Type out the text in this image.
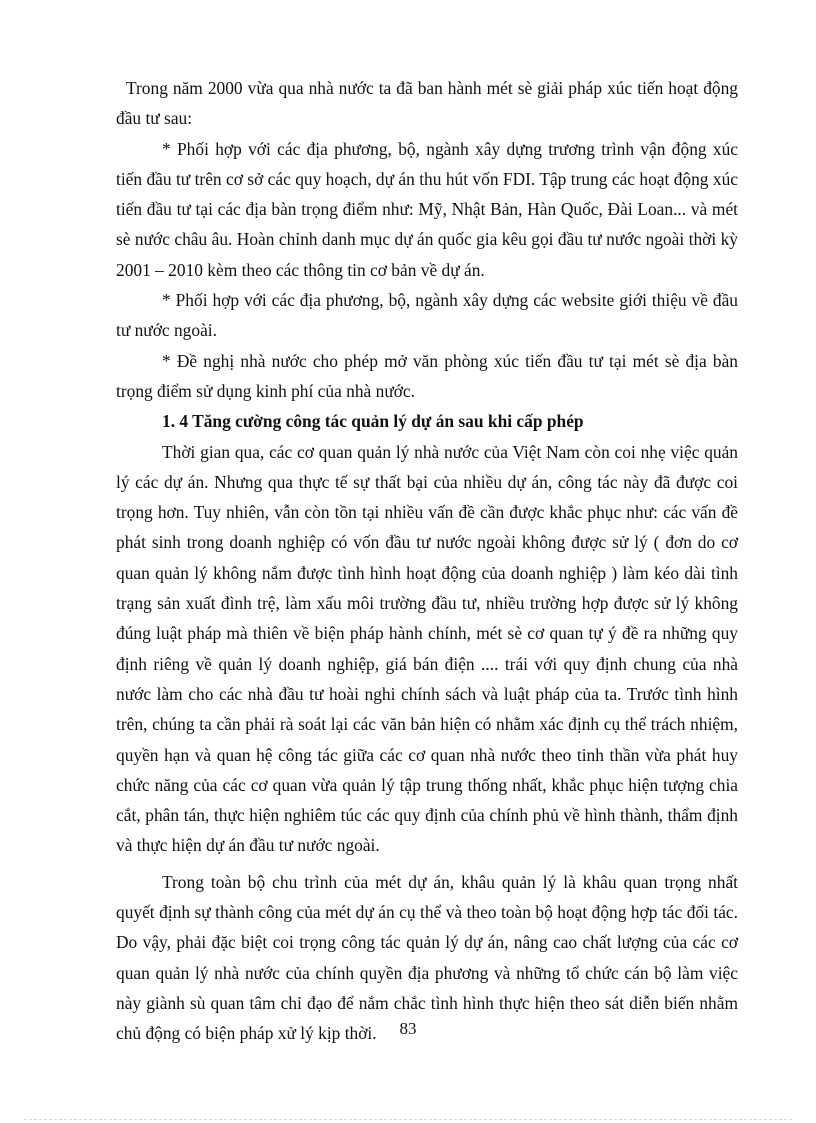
Trong năm 2000 vừa qua nhà nước ta đã ban hành mét sè giải pháp xúc tiến hoạt động đầu tư sau:

* Phối hợp với các địa phương, bộ, ngành xây dựng trương trình vận động xúc tiến đầu tư trên cơ sở các quy hoạch, dự án thu hút vốn FDI. Tập trung các hoạt động xúc tiến đầu tư tại các địa bàn trọng điểm như: Mỹ, Nhật Bản, Hàn Quốc, Đài Loan... và mét sè nước châu âu. Hoàn chỉnh danh mục dự án quốc gia kêu gọi đầu tư nước ngoài thời kỳ 2001 – 2010 kèm theo các thông tin cơ bản về dự án.

* Phối hợp với các địa phương, bộ, ngành xây dựng các website giới thiệu về đầu tư nước ngoài.

* Đề nghị nhà nước cho phép mở văn phòng xúc tiến đầu tư tại mét sè địa bàn trọng điểm sử dụng kinh phí của nhà nước.

1. 4 Tăng cường công tác quản lý dự án sau khi cấp phép

Thời gian qua, các cơ quan quản lý nhà nước của Việt Nam còn coi nhẹ việc quản lý các dự án. Nhưng qua thực tế sự thất bại của nhiều dự án, công tác này đã được coi trọng hơn. Tuy nhiên, vẫn còn tồn tại nhiều vấn đề cần được khắc phục như: các vấn đề phát sinh trong doanh nghiệp có vốn đầu tư nước ngoài không được sử lý ( đơn do cơ quan quản lý không nắm được tình hình hoạt động của doanh nghiệp ) làm kéo dài tình trạng sản xuất đình trệ, làm xấu môi trường đầu tư, nhiều trường hợp được sử lý không đúng luật pháp mà thiên về biện pháp hành chính, mét sè cơ quan tự ý đề ra những quy định riêng về quản lý doanh nghiệp, giá bán điện .... trái với quy định chung của nhà nước làm cho các nhà đầu tư hoài nghi chính sách và luật pháp của ta. Trước tình hình trên, chúng ta cần phải rà soát lại các văn bản hiện có nhằm xác định cụ thể trách nhiệm, quyền hạn và quan hệ công tác giữa các cơ quan nhà nước theo tinh thần vừa phát huy chức năng của các cơ quan vừa quản lý tập trung thống nhất, khắc phục hiện tượng chia cắt, phân tán, thực hiện nghiêm túc các quy định của chính phủ về hình thành, thẩm định và thực hiện dự án đầu tư nước ngoài.

Trong toàn bộ chu trình của mét dự án, khâu quản lý là khâu quan trọng nhất quyết định sự thành công của mét dự án cụ thể và theo toàn bộ hoạt động hợp tác đối tác. Do vậy, phải đặc biệt coi trọng công tác quản lý dự án, nâng cao chất lượng của các cơ quan quản lý nhà nước của chính quyền địa phương và những tổ chức cán bộ làm việc này giành sù quan tâm chỉ đạo để nắm chắc tình hình thực hiện theo sát diễn biến nhằm chủ động có biện pháp xử lý kịp thời.	83
